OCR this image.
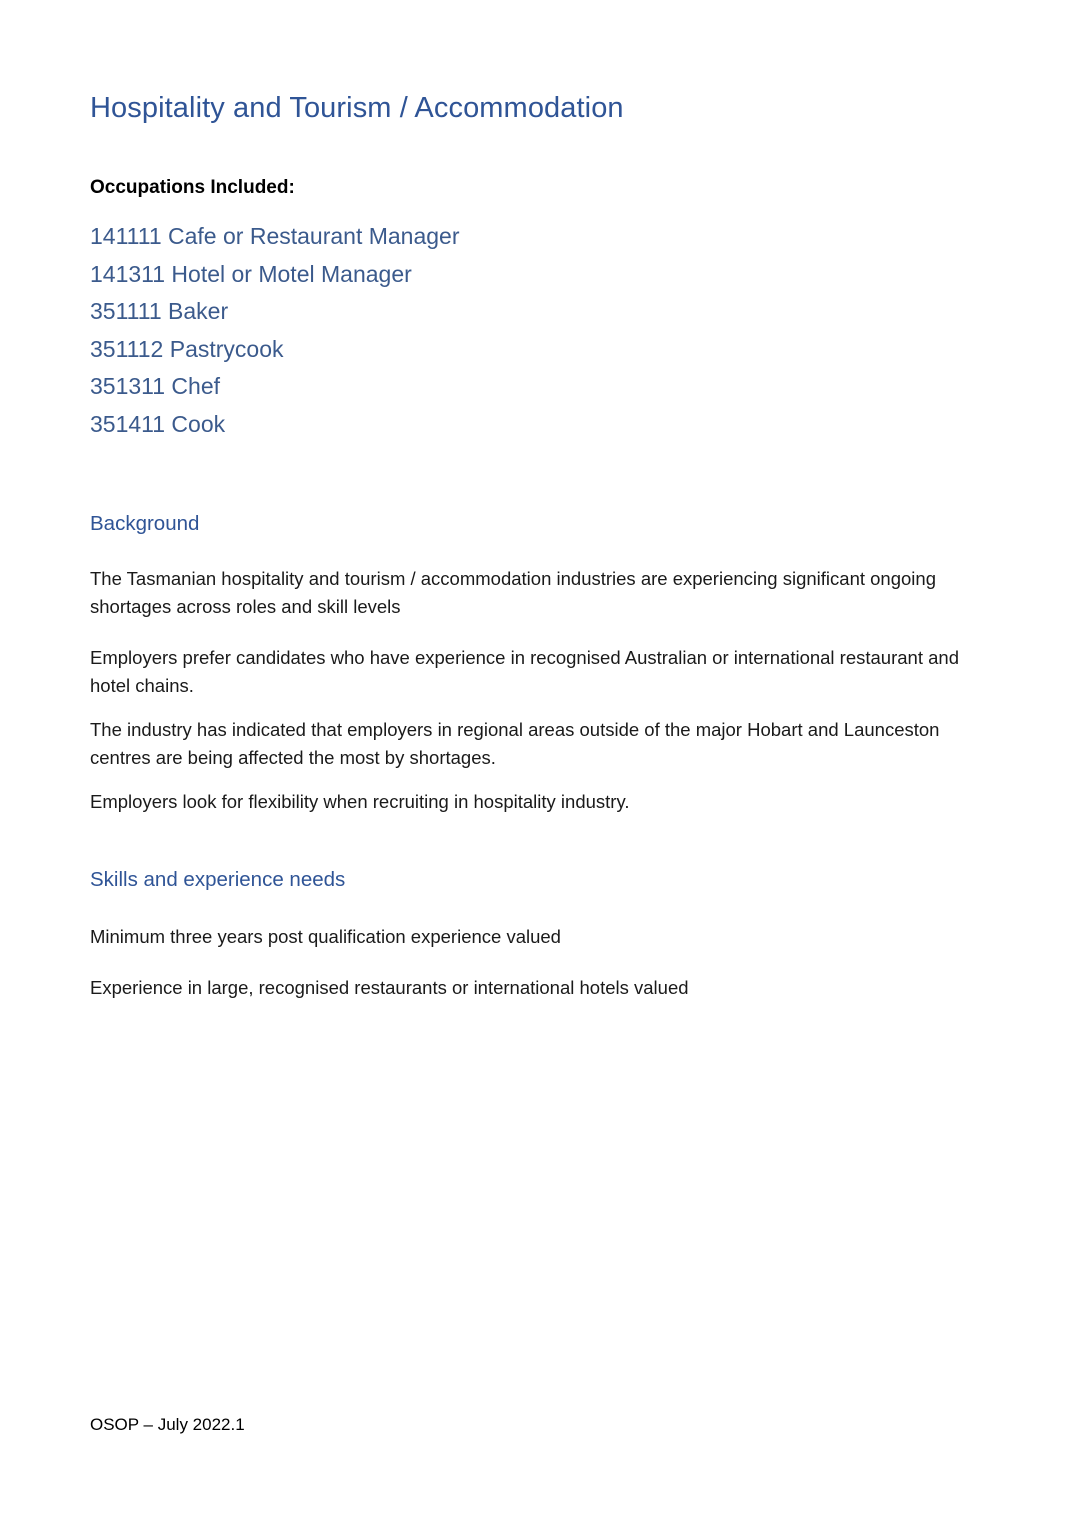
Hospitality and Tourism / Accommodation

Occupations Included:

141111 Cafe or Restaurant Manager
141311 Hotel or Motel Manager
351111 Baker
351112 Pastrycook
351311 Chef
351411 Cook
Background

The Tasmanian hospitality and tourism / accommodation industries are experiencing significant ongoing shortages across roles and skill levels

Employers prefer candidates who have experience in recognised Australian or international restaurant and hotel chains.

The industry has indicated that employers in regional areas outside of the major Hobart and Launceston centres are being affected the most by shortages.

Employers look for flexibility when recruiting in hospitality industry.

Skills and experience needs

Minimum three years post qualification experience valued

Experience in large, recognised restaurants or international hotels valued

OSOP – July 2022.1
